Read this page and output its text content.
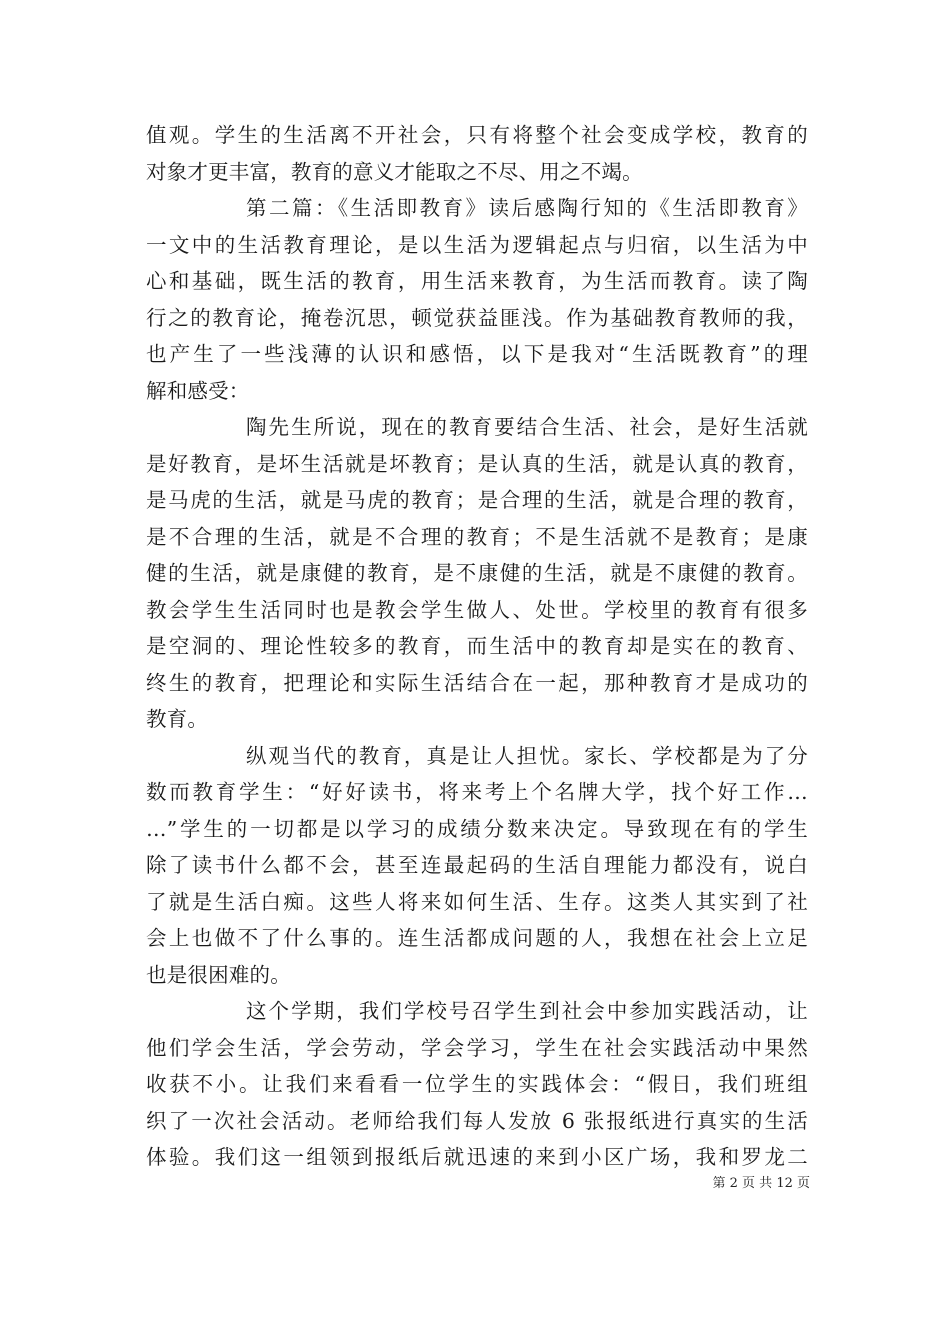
值观。学生的生活离不开社会，只有将整个社会变成学校，教育的
对象才更丰富，教育的意义才能取之不尽、用之不竭。
第二篇：《生活即教育》读后感陶行知的《生活即教育》
一文中的生活教育理论，是以生活为逻辑起点与归宿，以生活为中
心和基础，既生活的教育，用生活来教育，为生活而教育。读了陶
行之的教育论，掩卷沉思，顿觉获益匪浅。作为基础教育教师的我，
也产生了一些浅薄的认识和感悟，以下是我对“生活既教育”的理
解和感受：
陶先生所说，现在的教育要结合生活、社会，是好生活就
是好教育，是坏生活就是坏教育；是认真的生活，就是认真的教育，
是马虎的生活，就是马虎的教育；是合理的生活，就是合理的教育，
是不合理的生活，就是不合理的教育；不是生活就不是教育；是康
健的生活，就是康健的教育，是不康健的生活，就是不康健的教育。
教会学生生活同时也是教会学生做人、处世。学校里的教育有很多
是空洞的、理论性较多的教育，而生活中的教育却是实在的教育、
终生的教育，把理论和实际生活结合在一起，那种教育才是成功的
教育。
纵观当代的教育，真是让人担忧。家长、学校都是为了分
数而教育学生：“好好读书，将来考上个名牌大学，找个好工作…
…”学生的一切都是以学习的成绩分数来决定。导致现在有的学生
除了读书什么都不会，甚至连最起码的生活自理能力都没有，说白
了就是生活白痴。这些人将来如何生活、生存。这类人其实到了社
会上也做不了什么事的。连生活都成问题的人，我想在社会上立足
也是很困难的。
这个学期，我们学校号召学生到社会中参加实践活动，让
他们学会生活，学会劳动，学会学习，学生在社会实践活动中果然
收获不小。让我们来看看一位学生的实践体会：“假日，我们班组
织了一次社会活动。老师给我们每人发放 6 张报纸进行真实的生活
体验。我们这一组领到报纸后就迅速的来到小区广场，我和罗龙二
第 2 页 共 12 页
